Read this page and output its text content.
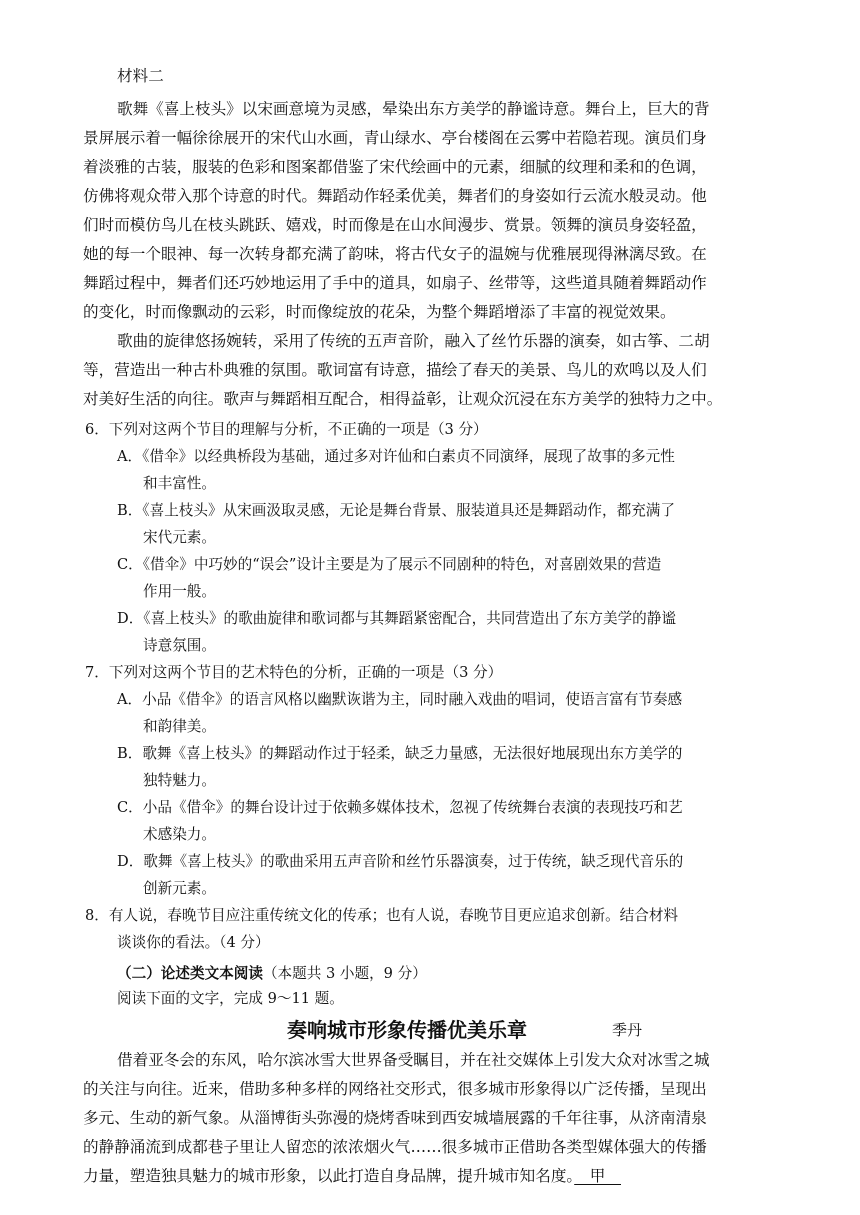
材料二
歌舞《喜上枝头》以宋画意境为灵感，晕染出东方美学的静谧诗意。舞台上，巨大的背
景屏展示着一幅徐徐展开的宋代山水画，青山绿水、亭台楼阁在云雾中若隐若现。演员们身
着淡雅的古装，服装的色彩和图案都借鉴了宋代绘画中的元素，细腻的纹理和柔和的色调，
仿佛将观众带入那个诗意的时代。舞蹈动作轻柔优美，舞者们的身姿如行云流水般灵动。他
们时而模仿鸟儿在枝头跳跃、嬉戏，时而像是在山水间漫步、赏景。领舞的演员身姿轻盈，
她的每一个眼神、每一次转身都充满了韵味，将古代女子的温婉与优雅展现得淋漓尽致。在
舞蹈过程中，舞者们还巧妙地运用了手中的道具，如扇子、丝带等，这些道具随着舞蹈动作
的变化，时而像飘动的云彩，时而像绽放的花朵，为整个舞蹈增添了丰富的视觉效果。
歌曲的旋律悠扬婉转，采用了传统的五声音阶，融入了丝竹乐器的演奏，如古筝、二胡
等，营造出一种古朴典雅的氛围。歌词富有诗意，描绘了春天的美景、鸟儿的欢鸣以及人们
对美好生活的向往。歌声与舞蹈相互配合，相得益彰，让观众沉浸在东方美学的独特力之中。
6．下列对这两个节目的理解与分析，不正确的一项是（3 分）
A．《借伞》以经典桥段为基础，通过多对许仙和白素贞不同演绎，展现了故事的多元性
和丰富性。
B．《喜上枝头》从宋画汲取灵感，无论是舞台背景、服装道具还是舞蹈动作，都充满了
宋代元素。
C．《借伞》中巧妙的“误会”设计主要是为了展示不同剧种的特色，对喜剧效果的营造
作用一般。
D．《喜上枝头》的歌曲旋律和歌词都与其舞蹈紧密配合，共同营造出了东方美学的静谧
诗意氛围。
7．下列对这两个节目的艺术特色的分析，正确的一项是（3 分）
A．小品《借伞》的语言风格以幽默诙谐为主，同时融入戏曲的唱词，使语言富有节奏感
和韵律美。
B．歌舞《喜上枝头》的舞蹈动作过于轻柔，缺乏力量感，无法很好地展现出东方美学的
独特魅力。
C．小品《借伞》的舞台设计过于依赖多媒体技术，忽视了传统舞台表演的表现技巧和艺
术感染力。
D．歌舞《喜上枝头》的歌曲采用五声音阶和丝竹乐器演奏，过于传统，缺乏现代音乐的
创新元素。
8．有人说，春晚节目应注重传统文化的传承；也有人说，春晚节目更应追求创新。结合材料
谈谈你的看法。（4 分）
（二）论述类文本阅读（本题共 3 小题，9 分）
阅读下面的文字，完成 9～11 题。
奏响城市形象传播优美乐章	季丹
借着亚冬会的东风，哈尔滨冰雪大世界备受瞩目，并在社交媒体上引发大众对冰雪之城
的关注与向往。近来，借助多种多样的网络社交形式，很多城市形象得以广泛传播，呈现出
多元、生动的新气象。从淄博街头弥漫的烧烤香味到西安城墙展露的千年往事，从济南清泉
的静静涌流到成都巷子里让人留恋的浓浓烟火气……很多城市正借助各类型媒体强大的传播
力量，塑造独具魅力的城市形象，以此打造自身品牌，提升城市知名度。　甲　
